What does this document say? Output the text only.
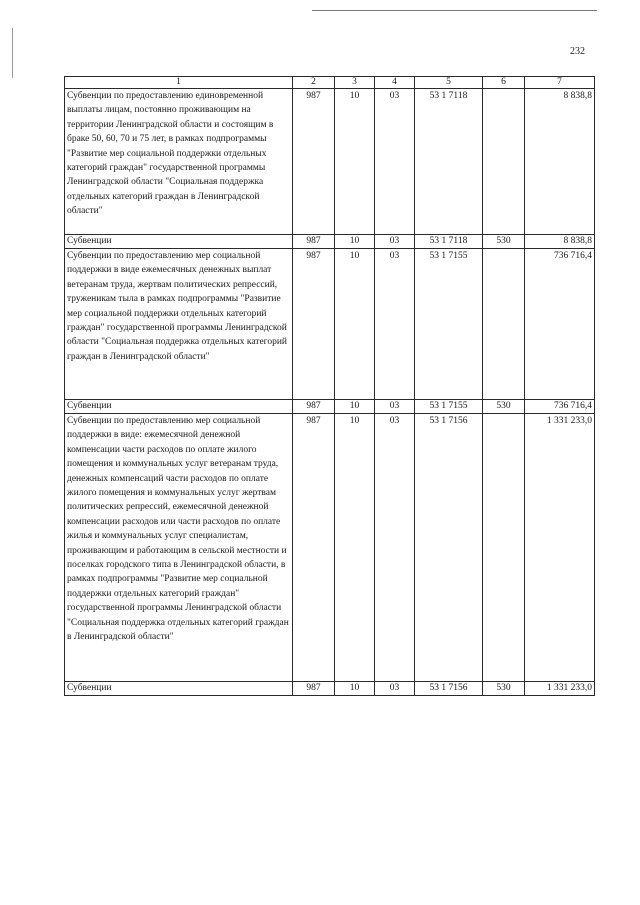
232
1	2	3	4	5	6	7
Субвенции по предоставлению единовременной выплаты лицам, постоянно проживающим на территории Ленинградской области и состоящим в браке 50, 60, 70 и 75 лет, в рамках подпрограммы "Развитие мер социальной поддержки отдельных категорий граждан" государственной программы Ленинградской области "Социальная поддержка отдельных категорий граждан в Ленинградской области"	987	10	03	53 1 7118		8 838,8
Субвенции	987	10	03	53 1 7118	530	8 838,8
Субвенции по предоставлению мер социальной поддержки в виде ежемесячных денежных выплат ветеранам труда, жертвам политических репрессий, труженикам тыла в рамках подпрограммы "Развитие мер социальной поддержки отдельных категорий граждан" государственной программы Ленинградской области "Социальная поддержка отдельных категорий граждан в Ленинградской области"	987	10	03	53 1 7155		736 716,4
Субвенции	987	10	03	53 1 7155	530	736 716,4
Субвенции по предоставлению мер социальной поддержки в виде: ежемесячной денежной компенсации части расходов по оплате жилого помещения и коммунальных услуг ветеранам труда, денежных компенсаций части расходов по оплате жилого помещения и коммунальных услуг жертвам политических репрессий, ежемесячной денежной компенсации расходов или части расходов по оплате жилья и коммунальных услуг специалистам, проживающим и работающим в сельской местности и поселках городского типа в Ленинградской области, в рамках подпрограммы "Развитие мер социальной поддержки отдельных категорий граждан" государственной программы Ленинградской области "Социальная поддержка отдельных категорий граждан в Ленинградской области"	987	10	03	53 1 7156		1 331 233,0
Субвенции	987	10	03	53 1 7156	530	1 331 233,0
